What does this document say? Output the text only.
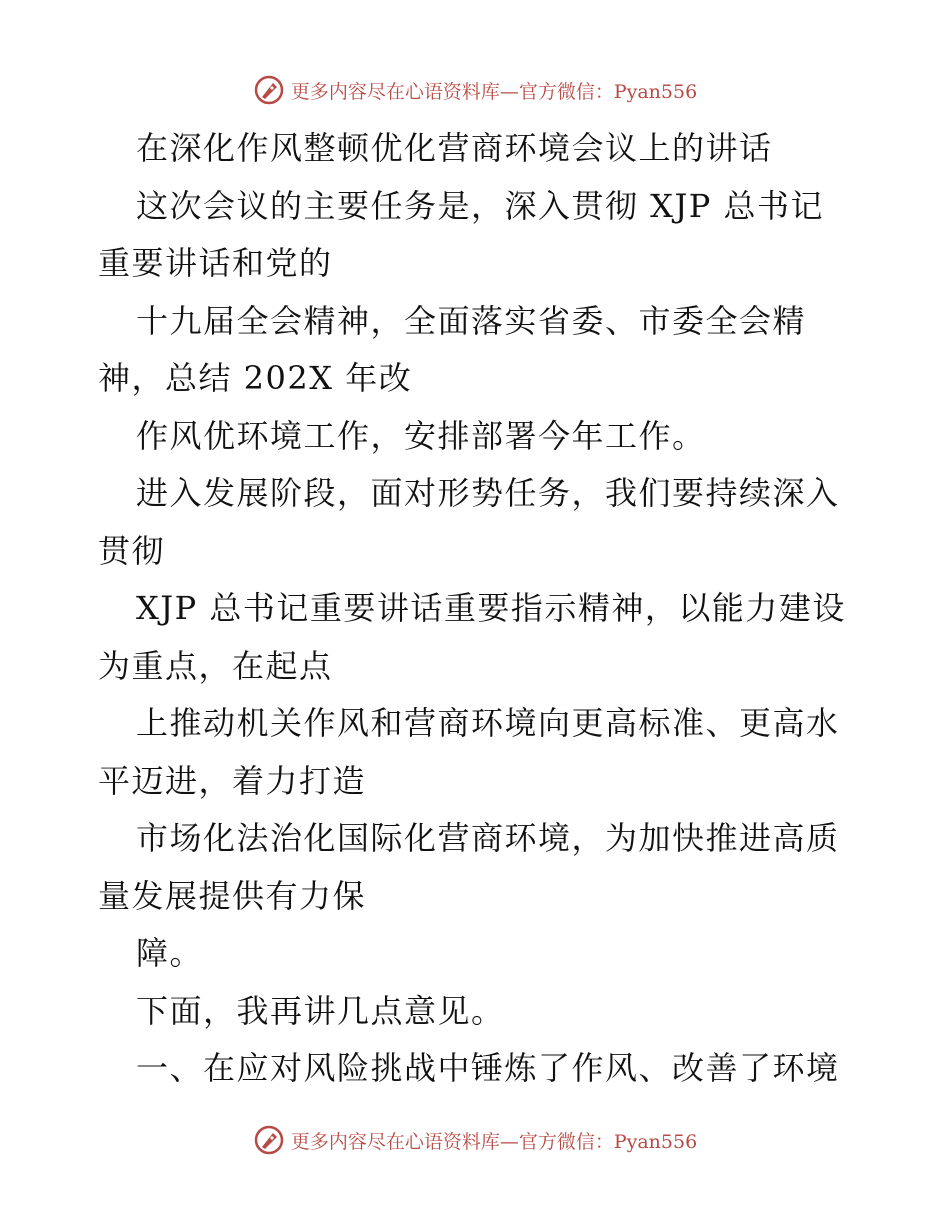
更多内容尽在心语资料库—官方微信：Pyan556
在深化作风整顿优化营商环境会议上的讲话
这次会议的主要任务是，深入贯彻 XJP 总书记
重要讲话和党的
十九届全会精神，全面落实省委、市委全会精
神，总结 202X 年改
作风优环境工作，安排部署今年工作。
进入发展阶段，面对形势任务，我们要持续深入
贯彻
XJP 总书记重要讲话重要指示精神，以能力建设
为重点，在起点
上推动机关作风和营商环境向更高标准、更高水
平迈进，着力打造
市场化法治化国际化营商环境，为加快推进高质
量发展提供有力保
障。
下面，我再讲几点意见。
一、在应对风险挑战中锤炼了作风、改善了环境
更多内容尽在心语资料库—官方微信：Pyan556
